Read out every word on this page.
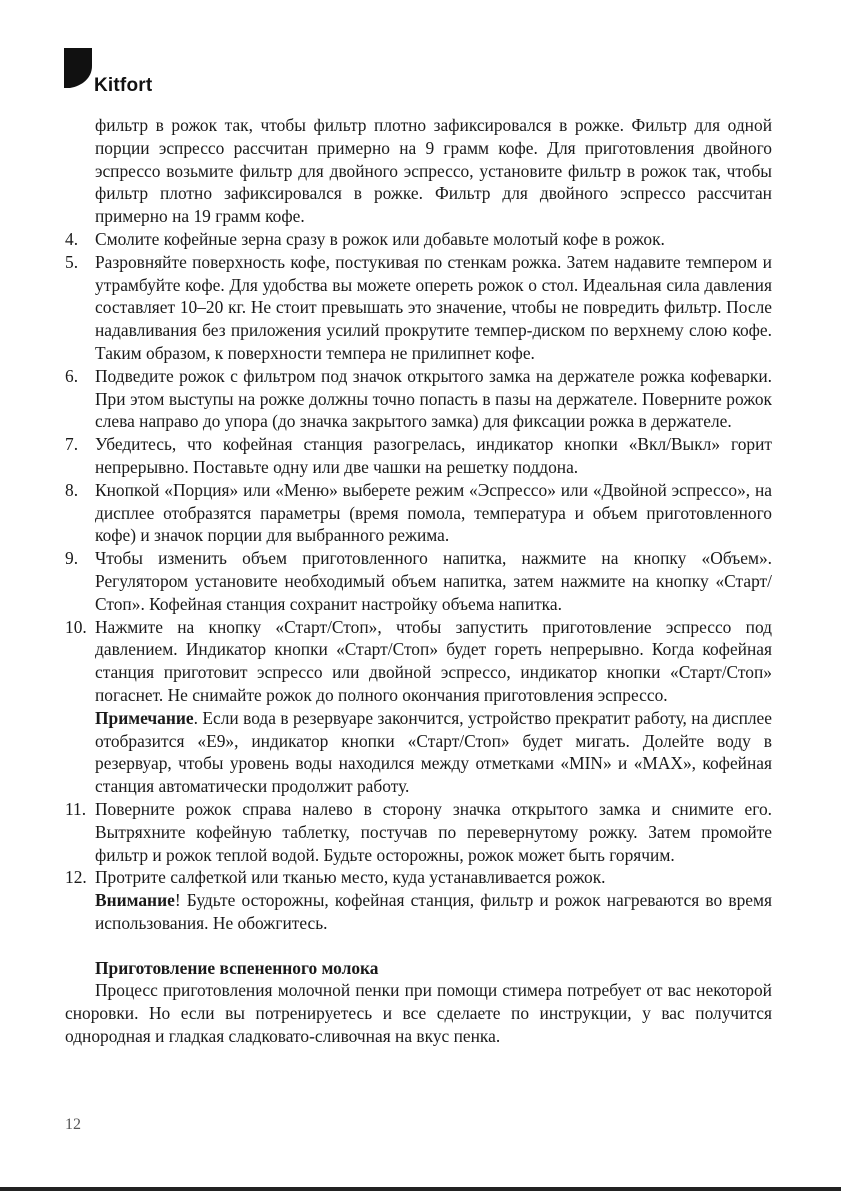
Kitfort

фильтр в рожок так, чтобы фильтр плотно зафиксировался в рожке. Фильтр для одной порции эспрессо рассчитан примерно на 9 грамм кофе. Для приготовления двойного эспрессо возьмите фильтр для двойного эспрессо, установите фильтр в рожок так, чтобы фильтр плотно зафиксировался в рожке. Фильтр для двойного эспрессо рассчитан примерно на 19 грамм кофе.

4. Смолите кофейные зерна сразу в рожок или добавьте молотый кофе в рожок.
5. Разровняйте поверхность кофе, постукивая по стенкам рожка. Затем надавите темпером и утрамбуйте кофе. Для удобства вы можете опереть рожок о стол. Идеальная сила давления составляет 10–20 кг. Не стоит превышать это значение, чтобы не повредить фильтр. После надавливания без приложения усилий прокрутите темпер-диском по верхнему слою кофе. Таким образом, к поверхности темпера не прилипнет кофе.
6. Подведите рожок с фильтром под значок открытого замка на держателе рожка кофеварки. При этом выступы на рожке должны точно попасть в пазы на держателе. Поверните рожок слева направо до упора (до значка закрытого замка) для фиксации рожка в держателе.
7. Убедитесь, что кофейная станция разогрелась, индикатор кнопки «Вкл/Выкл» горит непрерывно. Поставьте одну или две чашки на решетку поддона.
8. Кнопкой «Порция» или «Меню» выберете режим «Эспрессо» или «Двойной эспрессо», на дисплее отобразятся параметры (время помола, температура и объем приготовленного кофе) и значок порции для выбранного режима.
9. Чтобы изменить объем приготовленного напитка, нажмите на кнопку «Объем». Регулятором установите необходимый объем напитка, затем нажмите на кнопку «Старт/Стоп». Кофейная станция сохранит настройку объема напитка.
10. Нажмите на кнопку «Старт/Стоп», чтобы запустить приготовление эспрессо под давлением. Индикатор кнопки «Старт/Стоп» будет гореть непрерывно. Когда кофейная станция приготовит эспрессо или двойной эспрессо, индикатор кнопки «Старт/Стоп» погаснет. Не снимайте рожок до полного окончания приготовления эспрессо.

Примечание. Если вода в резервуаре закончится, устройство прекратит работу, на дисплее отобразится «E9», индикатор кнопки «Старт/Стоп» будет мигать. Долейте воду в резервуар, чтобы уровень воды находился между отметками «MIN» и «MAX», кофейная станция автоматически продолжит работу.

11. Поверните рожок справа налево в сторону значка открытого замка и снимите его. Вытряхните кофейную таблетку, постучав по перевернутому рожку. Затем промойте фильтр и рожок теплой водой. Будьте осторожны, рожок может быть горячим.
12. Протрите салфеткой или тканью место, куда устанавливается рожок.

Внимание! Будьте осторожны, кофейная станция, фильтр и рожок нагреваются во время использования. Не обожгитесь.

Приготовление вспененного молока

Процесс приготовления молочной пенки при помощи стимера потребует от вас некоторой сноровки. Но если вы потренируетесь и все сделаете по инструкции, у вас получится однородная и гладкая сладковато-сливочная на вкус пенка.

12
